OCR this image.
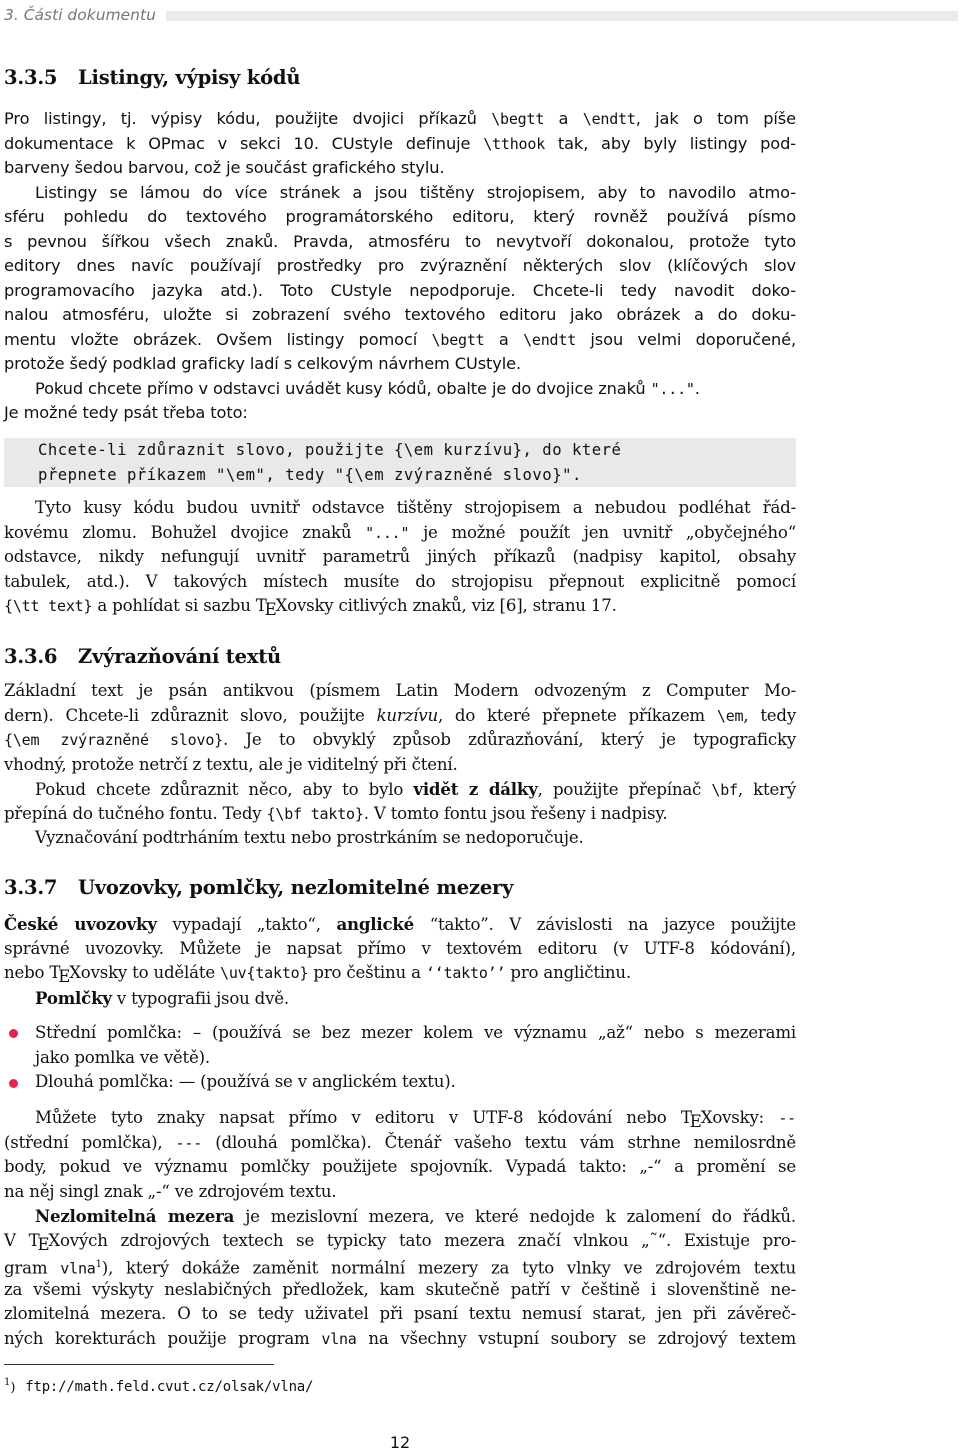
3. Části dokumentu
3.3.5 Listingy, výpisy kódů
Pro listingy, tj. výpisy kódu, použijte dvojici příkazů \begtt a \endtt, jak o tom píše
dokumentace k OPmac v sekci 10. CUstyle definuje \tthook tak, aby byly listingy pod-
barveny šedou barvou, což je součást grafického stylu.
Listingy se lámou do více stránek a jsou tištěny strojopisem, aby to navodilo atmo-
sféru pohledu do textového programátorského editoru, který rovněž používá písmo
s pevnou šířkou všech znaků. Pravda, atmosféru to nevytvoří dokonalou, protože tyto
editory dnes navíc používají prostředky pro zvýraznění některých slov (klíčových slov
programovacího jazyka atd.). Toto CUstyle nepodporuje. Chcete-li tedy navodit doko-
nalou atmosféru, uložte si zobrazení svého textového editoru jako obrázek a do doku-
mentu vložte obrázek. Ovšem listingy pomocí \begtt a \endtt jsou velmi doporučené,
protože šedý podklad graficky ladí s celkovým návrhem CUstyle.
Pokud chcete přímo v odstavci uvádět kusy kódů, obalte je do dvojice znaků "...".
Je možné tedy psát třeba toto:
Chcete-li zdůraznit slovo, použijte {\em kurzívu}, do které
přepnete příkazem "\em", tedy "{\em zvýrazněné slovo}".
Tyto kusy kódu budou uvnitř odstavce tištěny strojopisem a nebudou podléhat řád-
kovému zlomu. Bohužel dvojice znaků "..." je možné použít jen uvnitř „obyčejného“
odstavce, nikdy nefungují uvnitř parametrů jiných příkazů (nadpisy kapitol, obsahy
tabulek, atd.). V takových místech musíte do strojopisu přepnout explicitně pomocí
{\tt text} a pohlídat si sazbu TEXovsky citlivých znaků, viz [6], stranu 17.
3.3.6 Zvýrazňování textů
Základní text je psán antikvou (písmem Latin Modern odvozeným z Computer Mo-
dern). Chcete-li zdůraznit slovo, použijte kurzívu, do které přepnete příkazem \em, tedy
{\em zvýrazněné slovo}. Je to obvyklý způsob zdůrazňování, který je typograficky
vhodný, protože netrčí z textu, ale je viditelný při čtení.
Pokud chcete zdůraznit něco, aby to bylo vidět z dálky, použijte přepínač \bf, který
přepíná do tučného fontu. Tedy {\bf takto}. V tomto fontu jsou řešeny i nadpisy.
Vyznačování podtrháním textu nebo prostrkáním se nedoporučuje.
3.3.7 Uvozovky, pomlčky, nezlomitelné mezery
České uvozovky vypadají „takto“, anglické “takto”. V závislosti na jazyce použijte
správné uvozovky. Můžete je napsat přímo v textovém editoru (v UTF-8 kódování),
nebo TEXovsky to uděláte \uv{takto} pro češtinu a ‘‘takto’’ pro angličtinu.
Pomlčky v typografii jsou dvě.
Střední pomlčka: – (používá se bez mezer kolem ve významu „až“ nebo s mezerami
jako pomlka ve větě).
Dlouhá pomlčka: — (používá se v anglickém textu).
Můžete tyto znaky napsat přímo v editoru v UTF-8 kódování nebo TEXovsky: --
(střední pomlčka), --- (dlouhá pomlčka). Čtenář vašeho textu vám strhne nemilosrdně
body, pokud ve významu pomlčky použijete spojovník. Vypadá takto: „-“ a promění se
na něj singl znak „-“ ve zdrojovém textu.
Nezlomitelná mezera je mezislovní mezera, ve které nedojde k zalomení do řádků.
V TEXových zdrojových textech se typicky tato mezera značí vlnkou „˜“. Existuje pro-
gram vlna$^1$), který dokáže zaměnit normální mezery za tyto vlnky ve zdrojovém textu
za všemi výskyty neslabičných předložek, kam skutečně patří v češtině i slovenštině ne-
zlomitelná mezera. O to se tedy uživatel při psaní textu nemusí starat, jen při závěreč-
ných korekturách použije program vlna na všechny vstupní soubory se zdrojový textem
$^1$) ftp://math.feld.cvut.cz/olsak/vlna/
12
